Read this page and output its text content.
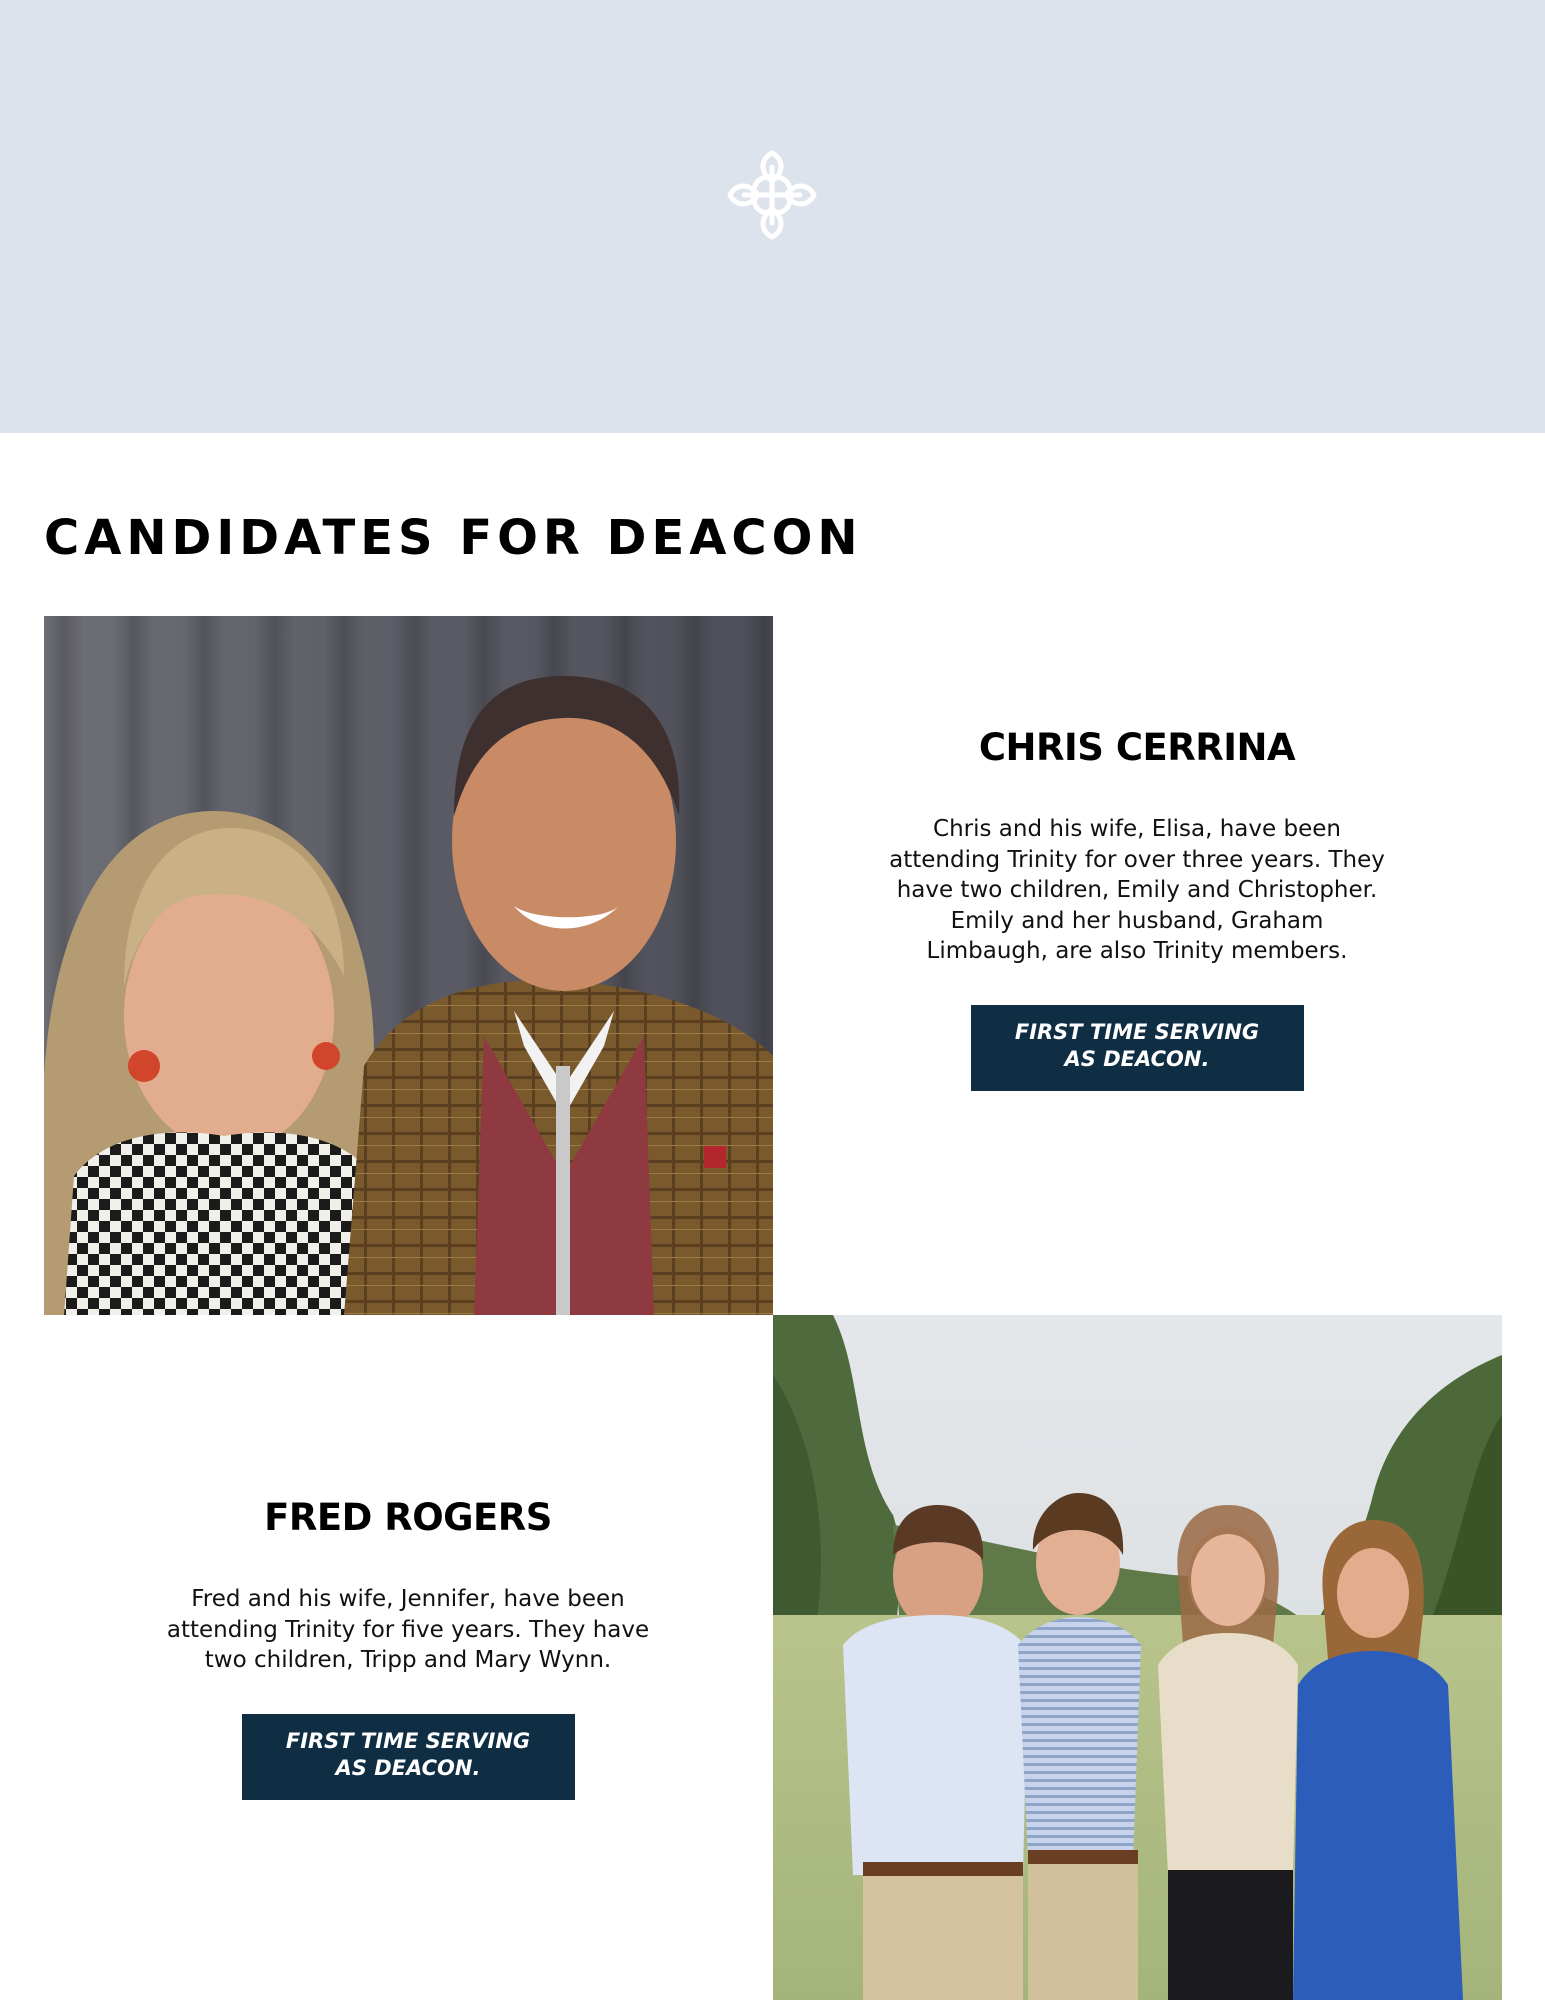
CANDIDATES FOR DEACON
CHRIS CERRINA

Chris and his wife, Elisa, have been attending Trinity for over three years. They have two children, Emily and Christopher. Emily and her husband, Graham Limbaugh, are also Trinity members.

FIRST TIME SERVING
AS DEACON.
FRED ROGERS

Fred and his wife, Jennifer, have been attending Trinity for five years. They have two children, Tripp and Mary Wynn.

FIRST TIME SERVING
AS DEACON.
